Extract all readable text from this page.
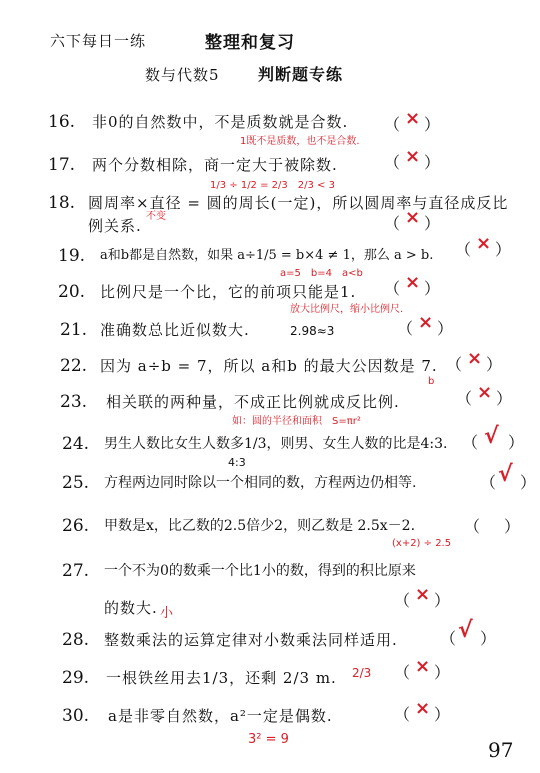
六下每日一练	整理和复习
数与代数5 判断题专练
16. 非0的自然数中，不是质数就是合数. （ × ）
1既不是质数，也不是合数.
17. 两个分数相除，商一定大于被除数.	（ × ）
1/3 ÷ 1/2 = 2/3　2/3 < 3
18. 圆周率×直径 = 圆的周长(一定)，所以圆周率与直径成反比
例关系.	（ × ）
不变
19. a和b都是自然数，如果 a÷1/5 = b×4 ≠ 1，那么 a > b. （ × ）
a=5　b=4　a<b
20. 比例尺是一个比，它的前项只能是1. （ × ）
放大比例尺，缩小比例尺.
21. 准确数总比近似数大.	2.98≈3	（ × ）
22. 因为 a÷b = 7，所以 a和b 的最大公因数是 7. （ × ）
b
23. 相关联的两种量，不成正比例就成反比例.	（ × ）
如：圆的半径和面积　S=πr²
24. 男生人数比女生人数多1/3，则男、女生人数的比是4:3. （ √ ）
4:3
25. 方程两边同时除以一个相同的数，方程两边仍相等.	（ √ ）
26. 甲数是x，比乙数的2.5倍少2，则乙数是 2.5x－2.	（ ）
(x+2) ÷ 2.5
27. 一个不为0的数乘一个比1小的数，得到的积比原来
的数大. 小
（ × ）
28. 整数乘法的运算定律对小数乘法同样适用.	（ √ ）
29. 一根铁丝用去1/3，还剩 2/3 m.	（ × ）
2/3
30. a是非零自然数，a²一定是偶数.	（ × ）
3² = 9	97
